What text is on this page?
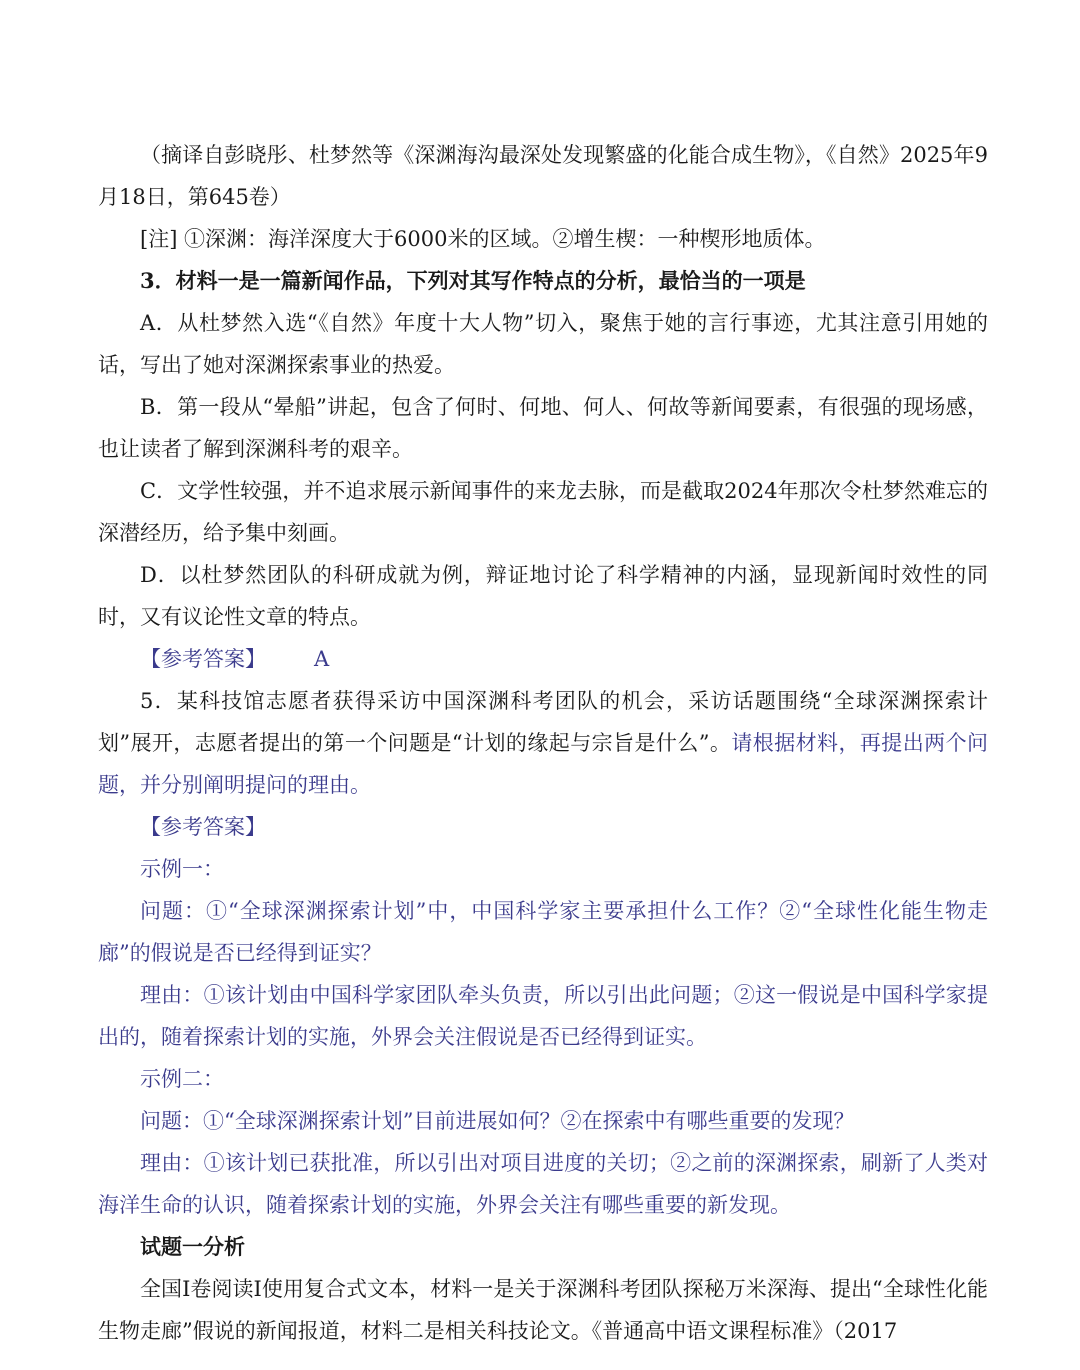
（摘译自彭晓彤、杜梦然等《深渊海沟最深处发现繁盛的化能合成生物》，《自然》2025年9月18日，第645卷）

[注] ①深渊：海洋深度大于6000米的区域。②增生楔：一种楔形地质体。

3．材料一是一篇新闻作品，下列对其写作特点的分析，最恰当的一项是

A．从杜梦然入选“《自然》年度十大人物”切入，聚焦于她的言行事迹，尤其注意引用她的话，写出了她对深渊探索事业的热爱。

B．第一段从“晕船”讲起，包含了何时、何地、何人、何故等新闻要素，有很强的现场感，也让读者了解到深渊科考的艰辛。

C．文学性较强，并不追求展示新闻事件的来龙去脉，而是截取2024年那次令杜梦然难忘的深潜经历，给予集中刻画。

D．以杜梦然团队的科研成就为例，辩证地讨论了科学精神的内涵，显现新闻时效性的同时，又有议论性文章的特点。

【参考答案】 A

5．某科技馆志愿者获得采访中国深渊科考团队的机会，采访话题围绕“全球深渊探索计划”展开，志愿者提出的第一个问题是“计划的缘起与宗旨是什么”。请根据材料，再提出两个问题，并分别阐明提问的理由。

【参考答案】

示例一：

问题：①“全球深渊探索计划”中，中国科学家主要承担什么工作？②“全球性化能生物走廊”的假说是否已经得到证实？

理由：①该计划由中国科学家团队牵头负责，所以引出此问题；②这一假说是中国科学家提出的，随着探索计划的实施，外界会关注假说是否已经得到证实。

示例二：

问题：①“全球深渊探索计划”目前进展如何？②在探索中有哪些重要的发现？

理由：①该计划已获批准，所以引出对项目进度的关切；②之前的深渊探索，刷新了人类对海洋生命的认识，随着探索计划的实施，外界会关注有哪些重要的新发现。

试题一分析

全国Ⅰ卷阅读Ⅰ使用复合式文本，材料一是关于深渊科考团队探秘万米深海、提出“全球性化能生物走廊”假说的新闻报道，材料二是相关科技论文。《普通高中语文课程标准》（2017
